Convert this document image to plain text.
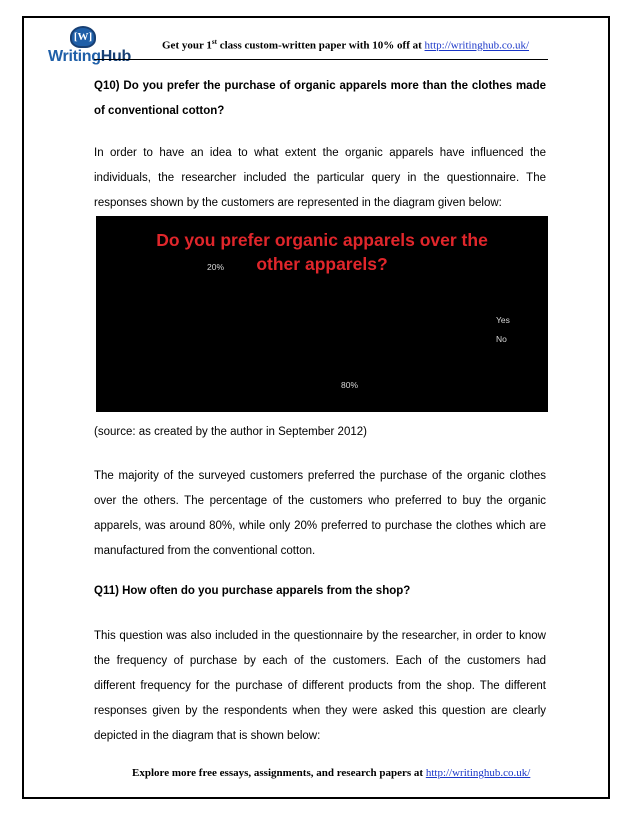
[W]
WritingHub
Get your 1st class custom-written paper with 10% off at http://writinghub.co.uk/
Q10) Do you prefer the purchase of organic apparels more than the clothes made of conventional cotton?
In order to have an idea to what extent the organic apparels have influenced the individuals, the researcher included the particular query in the questionnaire. The responses shown by the customers are represented in the diagram given below:
Do you prefer organic apparels over the
other apparels?
20%
80%
Yes
No
(source: as created by the author in September 2012)
The majority of the surveyed customers preferred the purchase of the organic clothes over the others. The percentage of the customers who preferred to buy the organic apparels, was around 80%, while only 20% preferred to purchase the clothes which are manufactured from the conventional cotton.
Q11) How often do you purchase apparels from the shop?
This question was also included in the questionnaire by the researcher, in order to know the frequency of purchase by each of the customers. Each of the customers had different frequency for the purchase of different products from the shop. The different responses given by the respondents when they were asked this question are clearly depicted in the diagram that is shown below:
Explore more free essays, assignments, and research papers at http://writinghub.co.uk/
